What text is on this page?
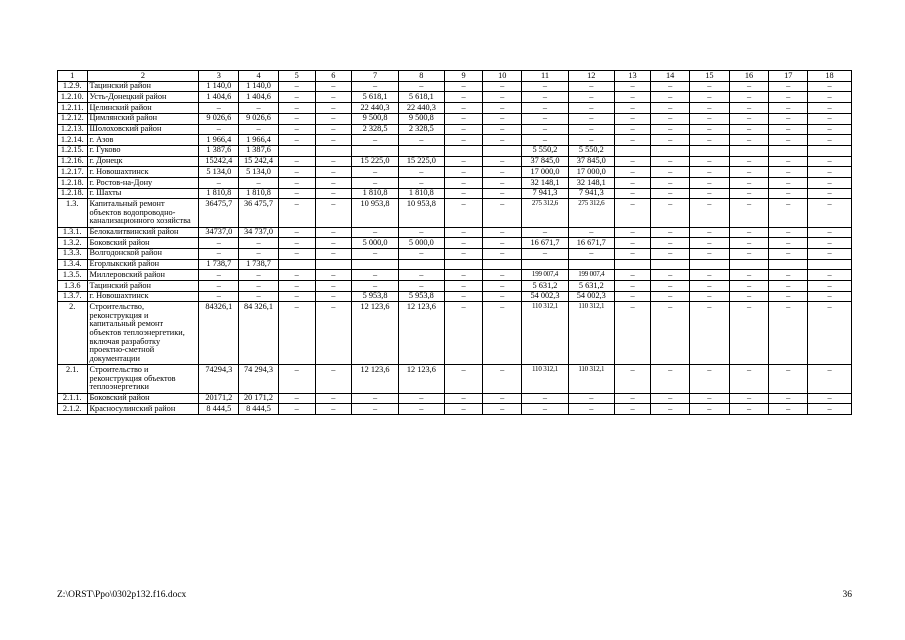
1	2	3	4	5	6	7	8	9	10	11	12	13	14	15	16	17	18
1.2.9.	Тацинский район	1 140,0	1 140,0	–	–	–	–	–	–	–	–	–	–	–	–	–	–
1.2.10.	Усть-Донецкий район	1 404,6	1 404,6	–	–	5 618,1	5 618,1	–	–	–	–	–	–	–	–	–	–
1.2.11.	Целинский район	–	–	–	–	22 440,3	22 440,3	–	–	–	–	–	–	–	–	–	–
1.2.12.	Цимлянский район	9 026,6	9 026,6	–	–	9 500,8	9 500,8	–	–	–	–	–	–	–	–	–	–
1.2.13.	Шолоховский район	–	–	–	–	2 328,5	2 328,5	–	–	–	–	–	–	–	–	–	–
1.2.14.	г. Азов	1 966,4	1 966,4	–	–	–	–	–	–	–	–	–	–	–	–	–	–
1.2.15.	г. Гуково	1 387,6	1 387,6							5 550,2	5 550,2						
1.2.16.	г. Донецк	15242,4	15 242,4	–	–	15 225,0	15 225,0	–	–	37 845,0	37 845,0	–	–	–	–	–	–
1.2.17.	г. Новошахтинск	5 134,0	5 134,0	–	–	–	–	–	–	17 000,0	17 000,0	–	–	–	–	–	–
1.2.18.	г. Ростов-на-Дону	–	–	–	–	–	–	–	–	32 148,1	32 148,1	–	–	–	–	–	–
1.2.18.	г. Шахты	1 810,8	1 810,8	–	–	1 810,8	1 810,8	–	–	7 941,3	7 941,3	–	–	–	–	–	–
1.3.	Капитальный ремонт объектов водопроводно-канализационного хозяйства	36475,7	36 475,7	–	–	10 953,8	10 953,8	–	–	275 312,6	275 312,6	–	–	–	–	–	–
1.3.1.	Белокалитвинский район	34737,0	34 737,0	–	–	–	–	–	–	–	–	–	–	–	–	–	–
1.3.2.	Боковский район	–	–	–	–	5 000,0	5 000,0	–	–	16 671,7	16 671,7	–	–	–	–	–	–
1.3.3.	Волгодонской район	–	–	–	–	–	–	–	–	–	–	–	–	–	–	–	–
1.3.4.	Егорлыкский район	1 738,7	1 738,7														
1.3.5.	Миллеровский район	–	–	–	–	–	–	–	–	199 007,4	199 007,4	–	–	–	–	–	–
1.3.6	Тацинский район	–	–	–	–	–	–	–	–	5 631,2	5 631,2	–	–	–	–	–	–
1.3.7.	г. Новошахтинск	–	–	–	–	5 953,8	5 953,8	–	–	54 002,3	54 002,3	–	–	–	–	–	–
2.	Строительство, реконструкция и капитальный ремонт объектов теплоэнергетики, включая разработку проектно-сметной документации	84326,1	84 326,1	–	–	12 123,6	12 123,6	–	–	110 312,1	110 312,1	–	–	–	–	–	–
2.1.	Строительство и реконструкция объектов теплоэнергетики	74294,3	74 294,3	–	–	12 123,6	12 123,6	–	–	110 312,1	110 312,1	–	–	–	–	–	–
2.1.1.	Боковский район	20171,2	20 171,2	–	–	–	–	–	–	–	–	–	–	–	–	–	–
2.1.2.	Красносулинский район	8 444,5	8 444,5	–	–	–	–	–	–	–	–	–	–	–	–	–	–
Z:\ORST\Ppo\0302p132.f16.docx	36
